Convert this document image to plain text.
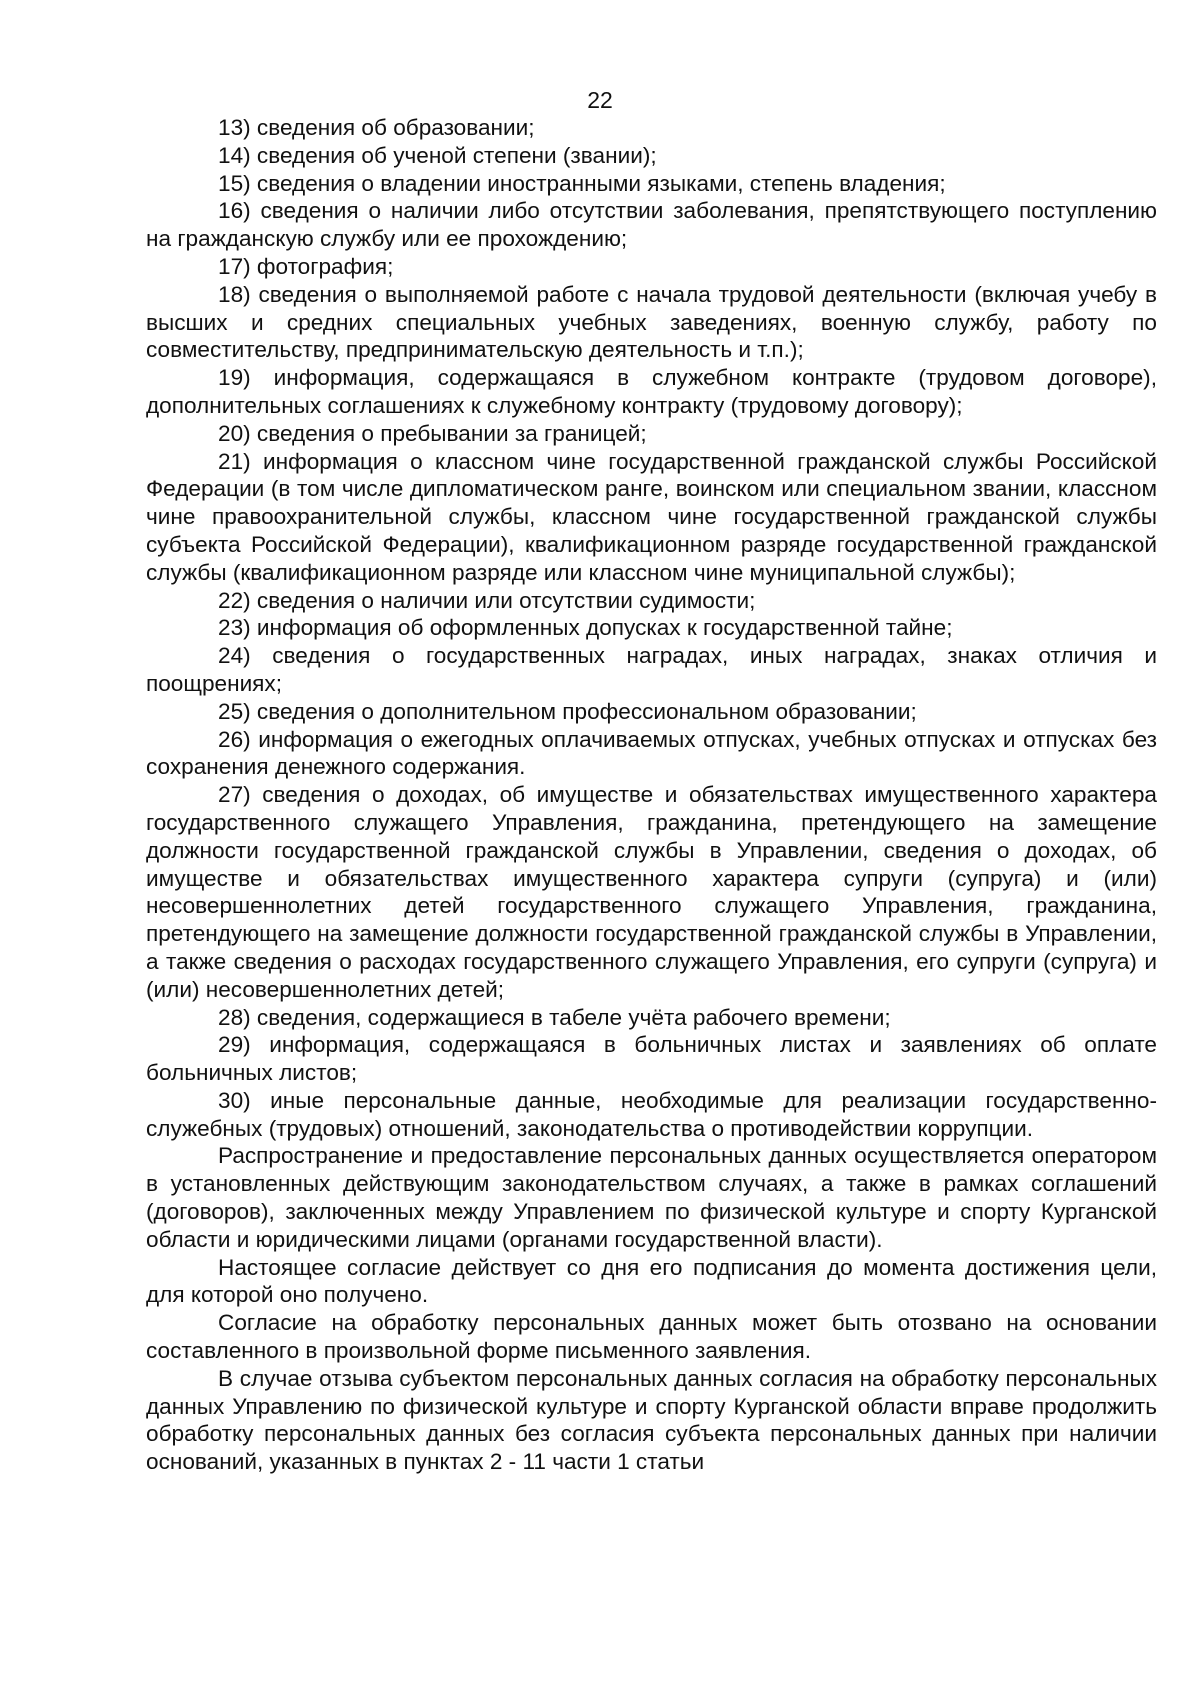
22

13) сведения об образовании;

14) сведения об ученой степени (звании);

15) сведения о владении иностранными языками, степень владения;

16) сведения о наличии либо отсутствии заболевания, препятствующего поступлению на гражданскую службу или ее прохождению;

17) фотография;

18) сведения о выполняемой работе с начала трудовой деятельности (включая учебу в высших и средних специальных учебных заведениях, военную службу, работу по совместительству, предпринимательскую деятельность и т.п.);

19) информация, содержащаяся в служебном контракте (трудовом договоре), дополнительных соглашениях к служебному контракту (трудовому договору);

20) сведения о пребывании за границей;

21) информация о классном чине государственной гражданской службы Российской Федерации (в том числе дипломатическом ранге, воинском или специальном звании, классном чине правоохранительной службы, классном чине государственной гражданской службы субъекта Российской Федерации), квалификационном разряде государственной гражданской службы (квалификационном разряде или классном чине муниципальной службы);

22) сведения о наличии или отсутствии судимости;

23) информация об оформленных допусках к государственной тайне;

24) сведения о государственных наградах, иных наградах, знаках отличия и поощрениях;

25) сведения о дополнительном профессиональном образовании;

26) информация о ежегодных оплачиваемых отпусках, учебных отпусках и отпусках без сохранения денежного содержания.

27) сведения о доходах, об имуществе и обязательствах имущественного характера государственного служащего Управления, гражданина, претендующего на замещение должности государственной гражданской службы в Управлении, сведения о доходах, об имуществе и обязательствах имущественного характера супруги (супруга) и (или) несовершеннолетних детей государственного служащего Управления, гражданина, претендующего на замещение должности государственной гражданской службы в Управлении, а также сведения о расходах государственного служащего Управления, его супруги (супруга) и (или) несовершеннолетних детей;

28) сведения, содержащиеся в табеле учёта рабочего времени;

29) информация, содержащаяся в больничных листах и заявлениях об оплате больничных листов;

30) иные персональные данные, необходимые для реализации государственно-служебных (трудовых) отношений, законодательства о противодействии коррупции.

Распространение и предоставление персональных данных осуществляется оператором в установленных действующим законодательством случаях, а также в рамках соглашений (договоров), заключенных между Управлением по физической культуре и спорту Курганской области и юридическими лицами (органами государственной власти).

Настоящее согласие действует со дня его подписания до момента достижения цели, для которой оно получено.

Согласие на обработку персональных данных может быть отозвано на основании составленного в произвольной форме письменного заявления.

В случае отзыва субъектом персональных данных согласия на обработку персональных данных Управлению по физической культуре и спорту Курганской области вправе продолжить обработку персональных данных без согласия субъекта персональных данных при наличии оснований, указанных в пунктах 2 - 11 части 1 статьи
